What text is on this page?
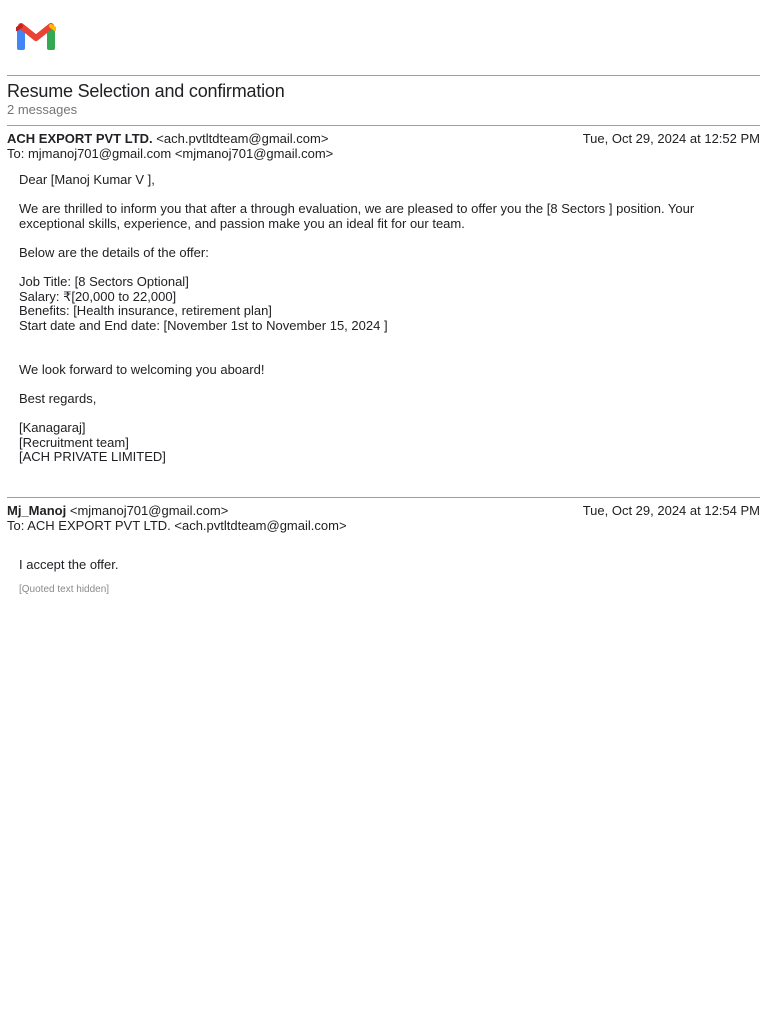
Resume Selection and confirmation
2 messages
ACH EXPORT PVT LTD. <ach.pvtltdteam@gmail.com>
To: mjmanoj701@gmail.com <mjmanoj701@gmail.com>
Tue, Oct 29, 2024 at 12:52 PM

Dear [Manoj Kumar V ],

We are thrilled to inform you that after a through evaluation, we are pleased to offer you the [8 Sectors ] position. Your

exceptional skills, experience, and passion make you an ideal fit for our team.

Below are the details of the offer:

Job Title: [8 Sectors Optional]

Salary: ₹[20,000 to 22,000]

Benefits: [Health insurance, retirement plan]

Start date and End date: [November 1st to November 15, 2024 ]

We look forward to welcoming you aboard!

Best regards,

[Kanagaraj]

[Recruitment team]

[ACH PRIVATE LIMITED]

Mj_Manoj <mjmanoj701@gmail.com>
To: ACH EXPORT PVT LTD. <ach.pvtltdteam@gmail.com>
Tue, Oct 29, 2024 at 12:54 PM

I accept the offer.

[Quoted text hidden]
